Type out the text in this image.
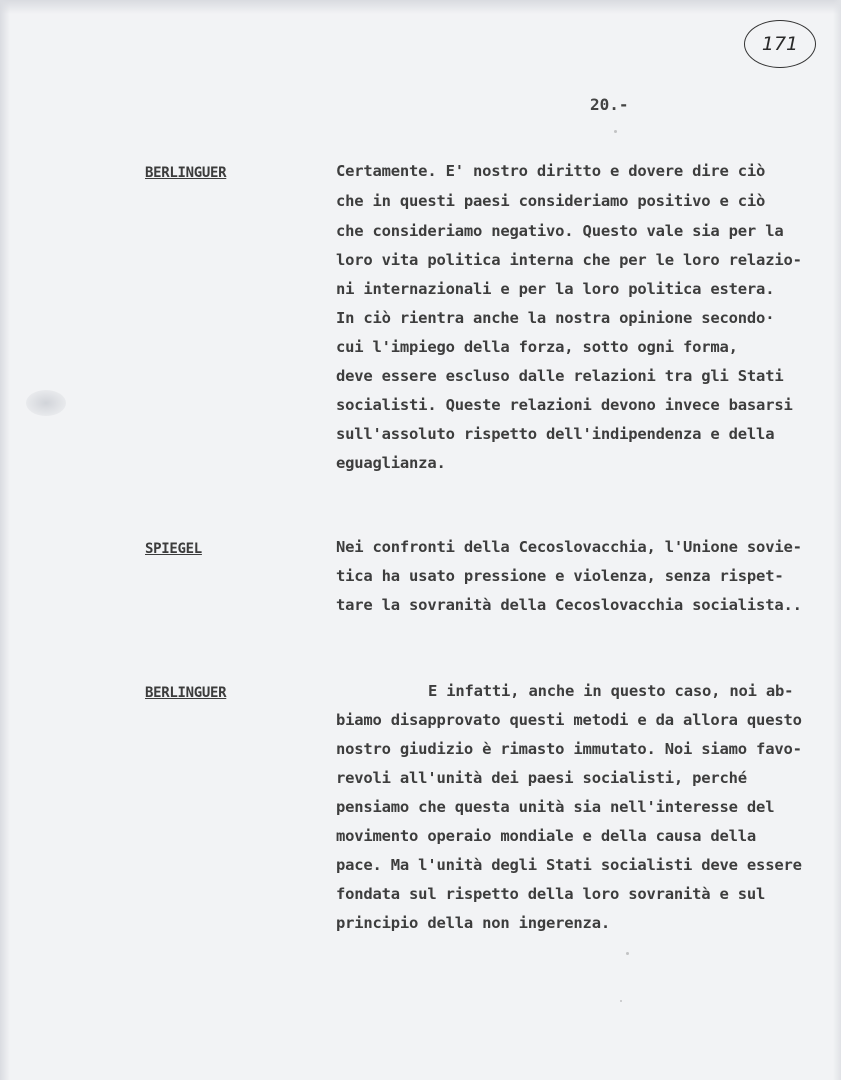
171
20.-
BERLINGUER	Certamente. E' nostro diritto e dovere dire ciò
che in questi paesi consideriamo positivo e ciò
che consideriamo negativo. Questo vale sia per la
loro vita politica interna che per le loro relazio-
ni internazionali e per la loro politica estera.
In ciò rientra anche la nostra opinione secondo·
cui l'impiego della forza, sotto ogni forma,
deve essere escluso dalle relazioni tra gli Stati
socialisti. Queste relazioni devono invece basarsi
sull'assoluto rispetto dell'indipendenza e della
eguaglianza.
SPIEGEL	Nei confronti della Cecoslovacchia, l'Unione sovie-
tica ha usato pressione e violenza, senza rispet-
tare la sovranità della Cecoslovacchia socialista..
BERLINGUER	E infatti, anche in questo caso, noi ab-
biamo disapprovato questi metodi e da allora questo
nostro giudizio è rimasto immutato. Noi siamo favo-
revoli all'unità dei paesi socialisti, perché
pensiamo che questa unità sia nell'interesse del
movimento operaio mondiale e della causa della
pace. Ma l'unità degli Stati socialisti deve essere
fondata sul rispetto della loro sovranità e sul
principio della non ingerenza.
